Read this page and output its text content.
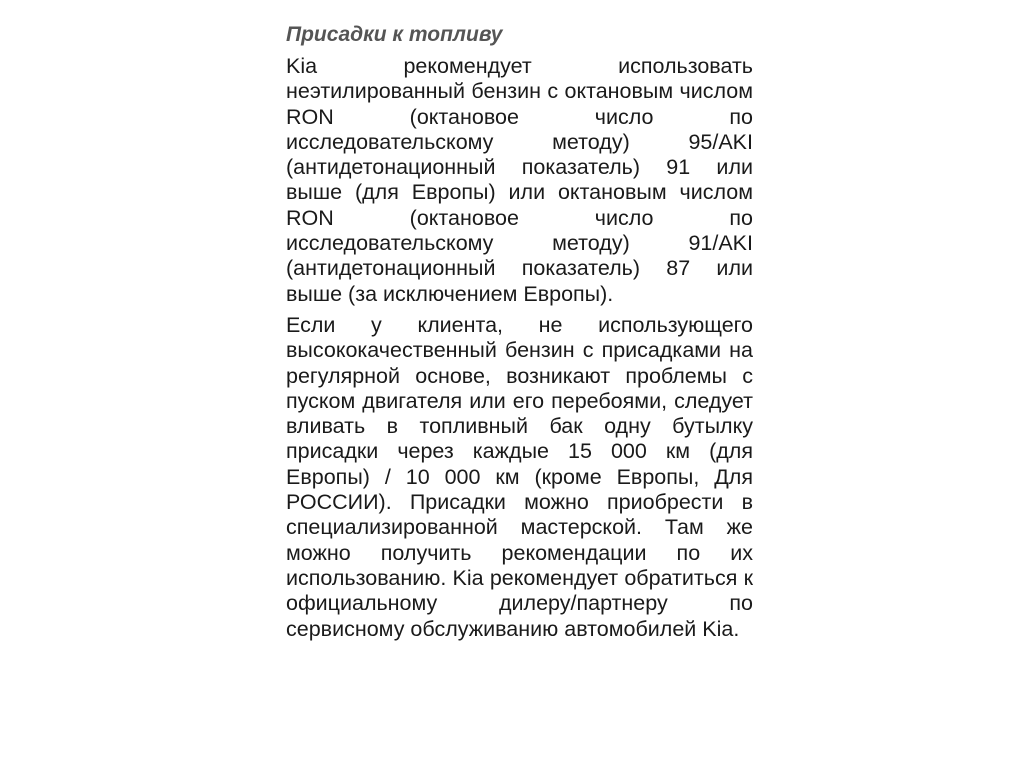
Присадки к топливу

Kia рекомендует использовать неэтилированный бензин с октановым числом RON (октановое число по исследовательскому методу) 95/AKI (антидетонационный показатель) 91 или выше (для Европы) или октановым числом RON (октановое число по исследовательскому методу) 91/AKI (антидетонационный показатель) 87 или выше (за исключением Европы).

Если у клиента, не использующего высококачественный бензин с присадками на регулярной основе, возникают проблемы с пуском двигателя или его перебоями, следует вливать в топливный бак одну бутылку присадки через каждые 15 000 км (для Европы) / 10 000 км (кроме Европы, Для РОССИИ). Присадки можно приобрести в специализированной мастерской. Там же можно получить рекомендации по их использованию. Kia рекомендует обратиться к официальному дилеру/партнеру по сервисному обслуживанию автомобилей Kia.
